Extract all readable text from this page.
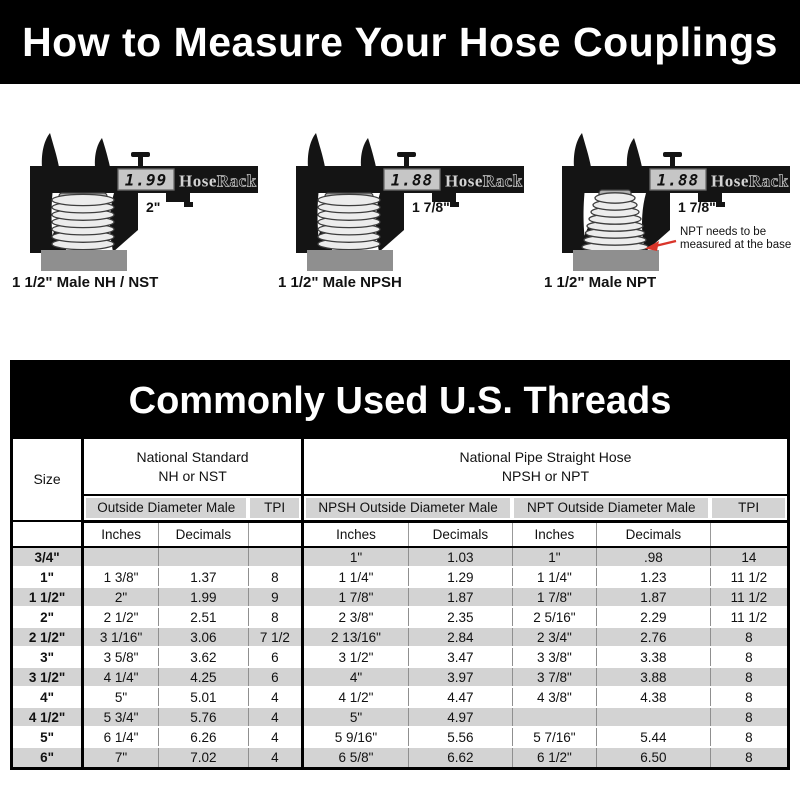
How to Measure Your Hose Couplings
1.99 HoseRack
2"
1 1/2" Male NH / NST
1.88 HoseRack
1 7/8"
1 1/2" Male NPSH
1.88 HoseRack
1 7/8"
NPT needs to be measured at the base
1 1/2" Male NPT
Commonly Used U.S. Threads
Size	National Standard
NH or NST			National Pipe Straight Hose
NPSH or NPT				
	Outside Diameter Male		TPI	NPSH Outside Diameter Male		NPT Outside Diameter Male		TPI
	Inches	Decimals		Inches	Decimals	Inches	Decimals	
3/4"				1"	1.03	1"	.98	14
1"	1 3/8"	1.37	8	1 1/4"	1.29	1 1/4"	1.23	11 1/2
1 1/2"	2"	1.99	9	1 7/8"	1.87	1 7/8"	1.87	11 1/2
2"	2 1/2"	2.51	8	2 3/8"	2.35	2 5/16"	2.29	11 1/2
2 1/2"	3 1/16"	3.06	7 1/2	2 13/16"	2.84	2 3/4"	2.76	8
3"	3 5/8"	3.62	6	3 1/2"	3.47	3 3/8"	3.38	8
3 1/2"	4 1/4"	4.25	6	4"	3.97	3 7/8"	3.88	8
4"	5"	5.01	4	4 1/2"	4.47	4 3/8"	4.38	8
4 1/2"	5 3/4"	5.76	4	5"	4.97			8
5"	6 1/4"	6.26	4	5 9/16"	5.56	5 7/16"	5.44	8
6"	7"	7.02	4	6 5/8"	6.62	6 1/2"	6.50	8
